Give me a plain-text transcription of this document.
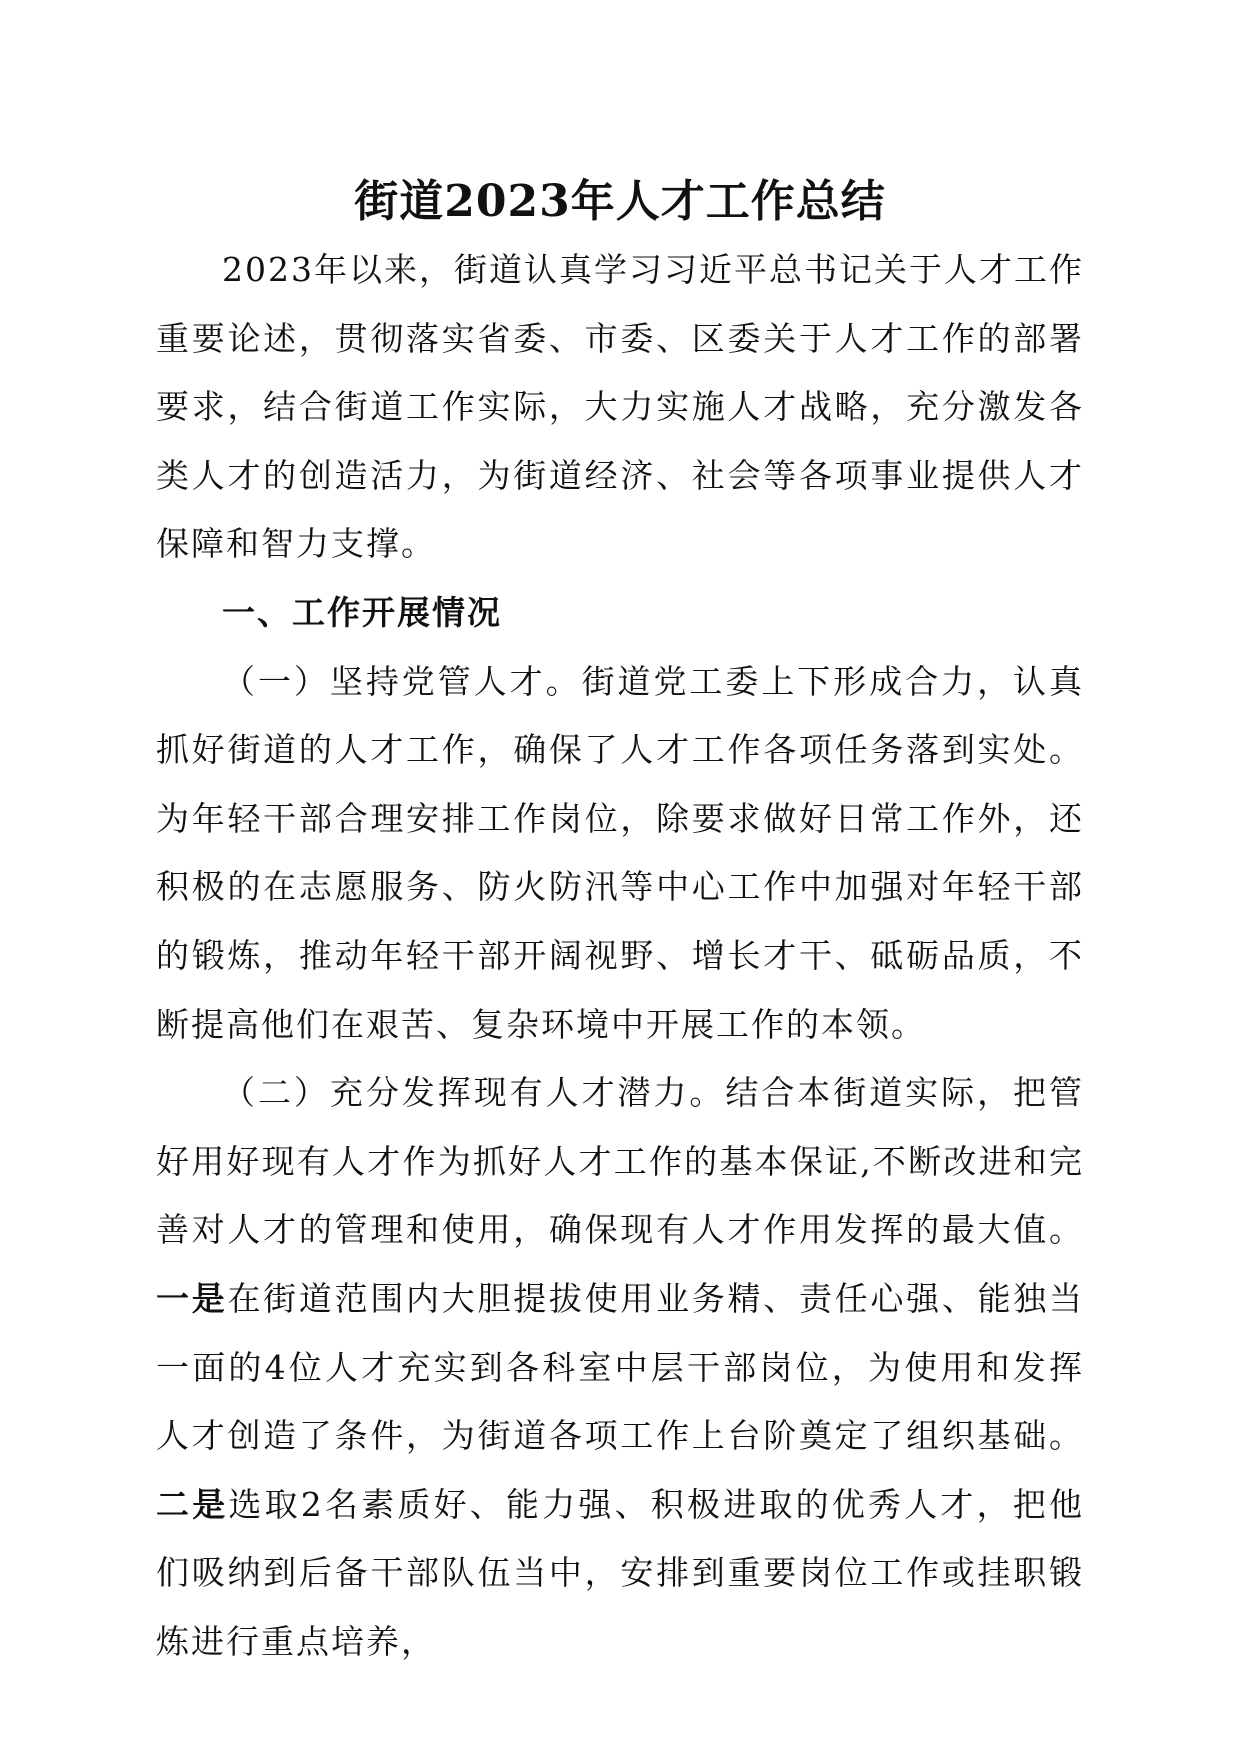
街道2023年人才工作总结

2023年以来，街道认真学习习近平总书记关于人才工作重要论述，贯彻落实省委、市委、区委关于人才工作的部署要求，结合街道工作实际，大力实施人才战略，充分激发各类人才的创造活力，为街道经济、社会等各项事业提供人才保障和智力支撑。

一、工作开展情况

（一）坚持党管人才。街道党工委上下形成合力，认真抓好街道的人才工作，确保了人才工作各项任务落到实处。为年轻干部合理安排工作岗位，除要求做好日常工作外，还积极的在志愿服务、防火防汛等中心工作中加强对年轻干部的锻炼，推动年轻干部开阔视野、增长才干、砥砺品质，不断提高他们在艰苦、复杂环境中开展工作的本领。

（二）充分发挥现有人才潜力。结合本街道实际，把管好用好现有人才作为抓好人才工作的基本保证,不断改进和完善对人才的管理和使用，确保现有人才作用发挥的最大值。一是在街道范围内大胆提拔使用业务精、责任心强、能独当一面的4位人才充实到各科室中层干部岗位，为使用和发挥人才创造了条件，为街道各项工作上台阶奠定了组织基础。二是选取2名素质好、能力强、积极进取的优秀人才，把他们吸纳到后备干部队伍当中，安排到重要岗位工作或挂职锻炼进行重点培养，
